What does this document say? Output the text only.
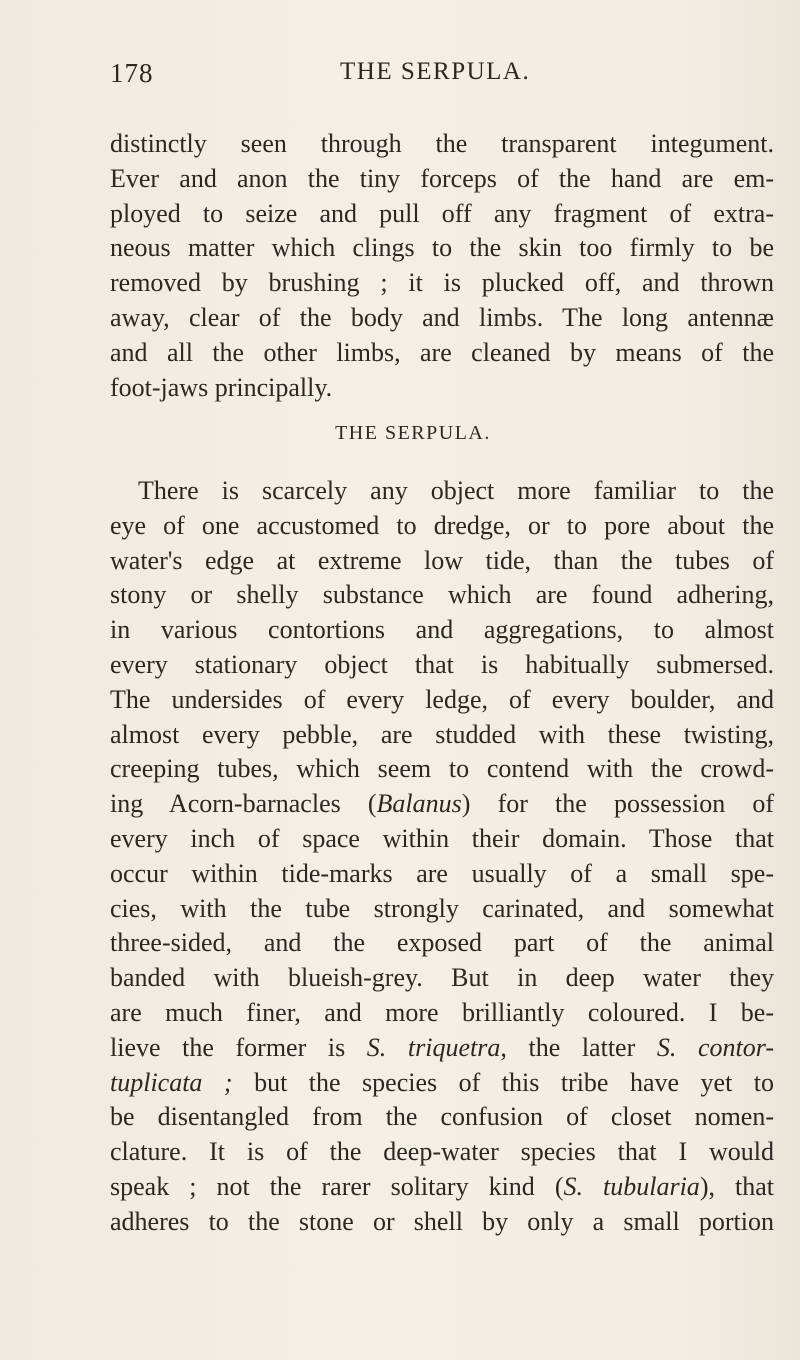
178	THE SERPULA.
distinctly seen through the transparent integument.
Ever and anon the tiny forceps of the hand are em-
ployed to seize and pull off any fragment of extra-
neous matter which clings to the skin too firmly to be
removed by brushing ; it is plucked off, and thrown
away, clear of the body and limbs. The long antennæ
and all the other limbs, are cleaned by means of the
foot-jaws principally.
THE SERPULA.
There is scarcely any object more familiar to the
eye of one accustomed to dredge, or to pore about the
water's edge at extreme low tide, than the tubes of
stony or shelly substance which are found adhering,
in various contortions and aggregations, to almost
every stationary object that is habitually submersed.
The undersides of every ledge, of every boulder, and
almost every pebble, are studded with these twisting,
creeping tubes, which seem to contend with the crowd-
ing Acorn-barnacles (Balanus) for the possession of
every inch of space within their domain. Those that
occur within tide-marks are usually of a small spe-
cies, with the tube strongly carinated, and somewhat
three-sided, and the exposed part of the animal
banded with blueish-grey. But in deep water they
are much finer, and more brilliantly coloured. I be-
lieve the former is S. triquetra, the latter S. contor-
tuplicata ; but the species of this tribe have yet to
be disentangled from the confusion of closet nomen-
clature. It is of the deep-water species that I would
speak ; not the rarer solitary kind (S. tubularia), that
adheres to the stone or shell by only a small portion
